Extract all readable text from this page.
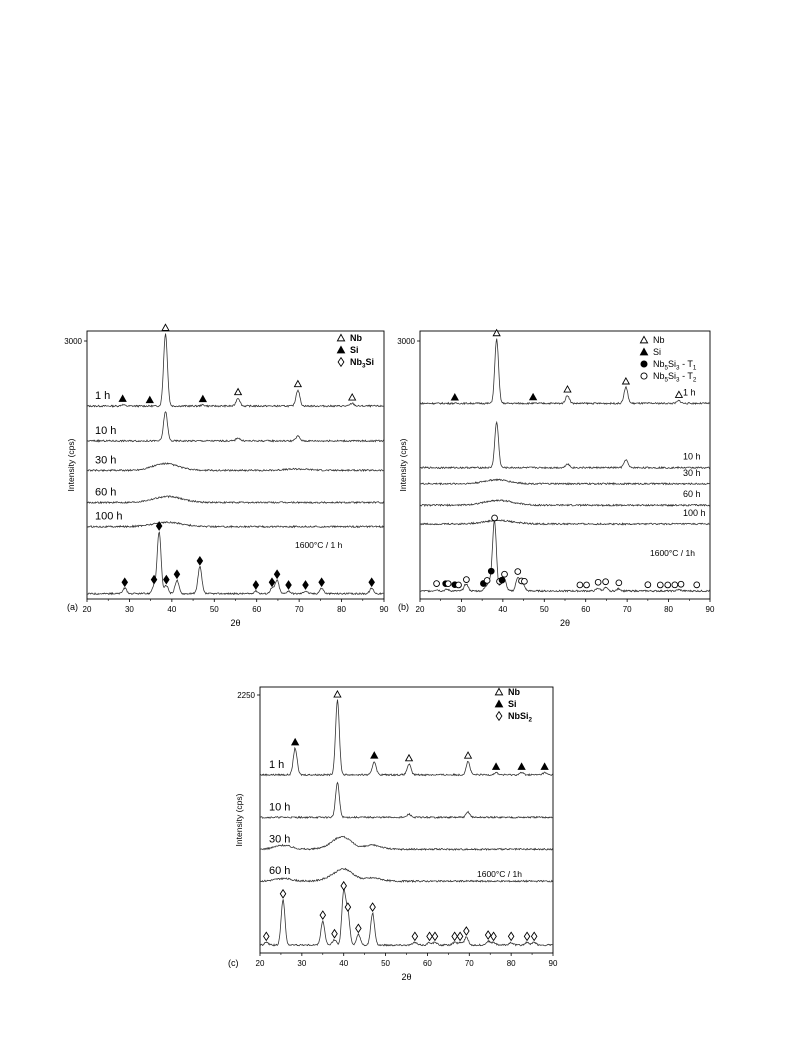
20	30	40	50	60	70	80	90
2θ
3000
Intensity (cps)
(a)
Nb
Si
$Nb_3Si$
1600°C / 1 h
1 h
10 h
30 h
60 h
100 h
20	30	40	50	60	70	80	90
2θ
3000
Intensity (cps)
(b)
Nb
Si
$Nb_5Si_3 - T_1$
$Nb_5Si_3 - T_2$
1600°C / 1h
1 h
10 h
30 h
60 h
100 h
20	30	40	50	60	70	80	90
2θ
2250
Intensity (cps)
(c)
Nb
Si
NbSi$_2$
1600°C / 1h
1 h
10 h
30 h
60 h
